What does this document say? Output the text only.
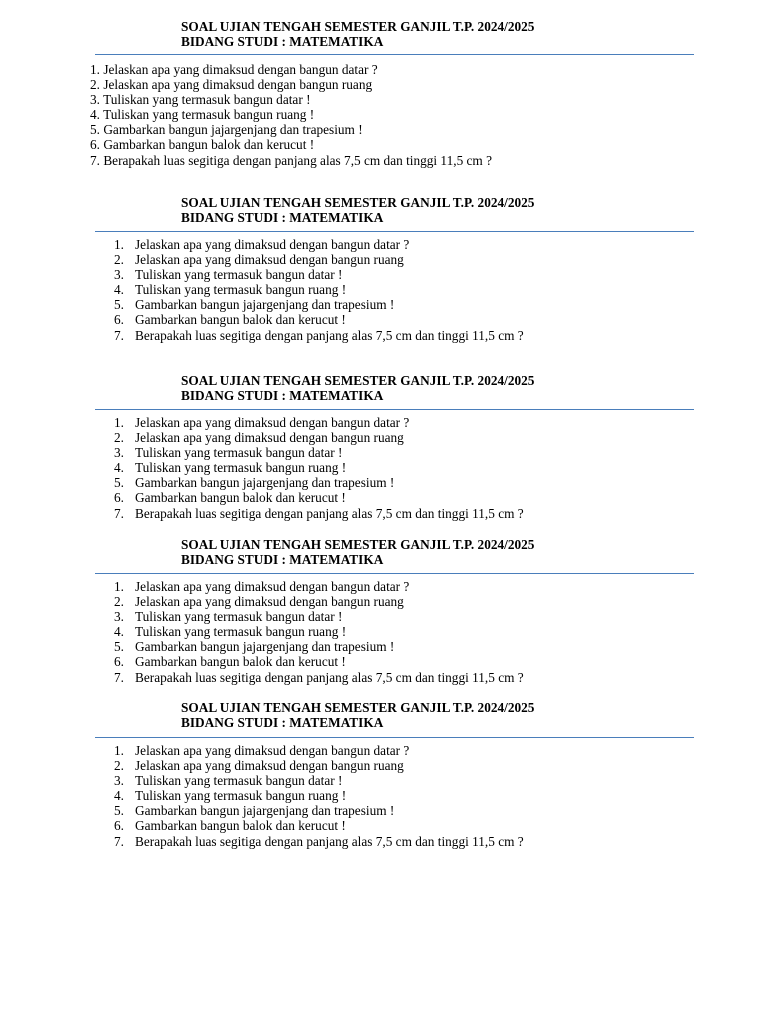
SOAL UJIAN TENGAH SEMESTER GANJIL T.P. 2024/2025
BIDANG STUDI : MATEMATIKA
1. Jelaskan apa yang dimaksud dengan bangun datar ?
2. Jelaskan apa yang dimaksud dengan bangun ruang
3. Tuliskan yang termasuk bangun datar !
4. Tuliskan yang termasuk bangun ruang !
5. Gambarkan bangun jajargenjang dan trapesium !
6. Gambarkan bangun balok dan kerucut !
7. Berapakah luas segitiga dengan panjang alas 7,5 cm dan tinggi 11,5 cm ?
SOAL UJIAN TENGAH SEMESTER GANJIL T.P. 2024/2025
BIDANG STUDI : MATEMATIKA
1. Jelaskan apa yang dimaksud dengan bangun datar ?
2. Jelaskan apa yang dimaksud dengan bangun ruang
3. Tuliskan yang termasuk bangun datar !
4. Tuliskan yang termasuk bangun ruang !
5. Gambarkan bangun jajargenjang dan trapesium !
6. Gambarkan bangun balok dan kerucut !
7. Berapakah luas segitiga dengan panjang alas 7,5 cm dan tinggi 11,5 cm ?
SOAL UJIAN TENGAH SEMESTER GANJIL T.P. 2024/2025
BIDANG STUDI : MATEMATIKA
1. Jelaskan apa yang dimaksud dengan bangun datar ?
2. Jelaskan apa yang dimaksud dengan bangun ruang
3. Tuliskan yang termasuk bangun datar !
4. Tuliskan yang termasuk bangun ruang !
5. Gambarkan bangun jajargenjang dan trapesium !
6. Gambarkan bangun balok dan kerucut !
7. Berapakah luas segitiga dengan panjang alas 7,5 cm dan tinggi 11,5 cm ?
SOAL UJIAN TENGAH SEMESTER GANJIL T.P. 2024/2025
BIDANG STUDI : MATEMATIKA
1. Jelaskan apa yang dimaksud dengan bangun datar ?
2. Jelaskan apa yang dimaksud dengan bangun ruang
3. Tuliskan yang termasuk bangun datar !
4. Tuliskan yang termasuk bangun ruang !
5. Gambarkan bangun jajargenjang dan trapesium !
6. Gambarkan bangun balok dan kerucut !
7. Berapakah luas segitiga dengan panjang alas 7,5 cm dan tinggi 11,5 cm ?
SOAL UJIAN TENGAH SEMESTER GANJIL T.P. 2024/2025
BIDANG STUDI : MATEMATIKA
1. Jelaskan apa yang dimaksud dengan bangun datar ?
2. Jelaskan apa yang dimaksud dengan bangun ruang
3. Tuliskan yang termasuk bangun datar !
4. Tuliskan yang termasuk bangun ruang !
5. Gambarkan bangun jajargenjang dan trapesium !
6. Gambarkan bangun balok dan kerucut !
7. Berapakah luas segitiga dengan panjang alas 7,5 cm dan tinggi 11,5 cm ?
